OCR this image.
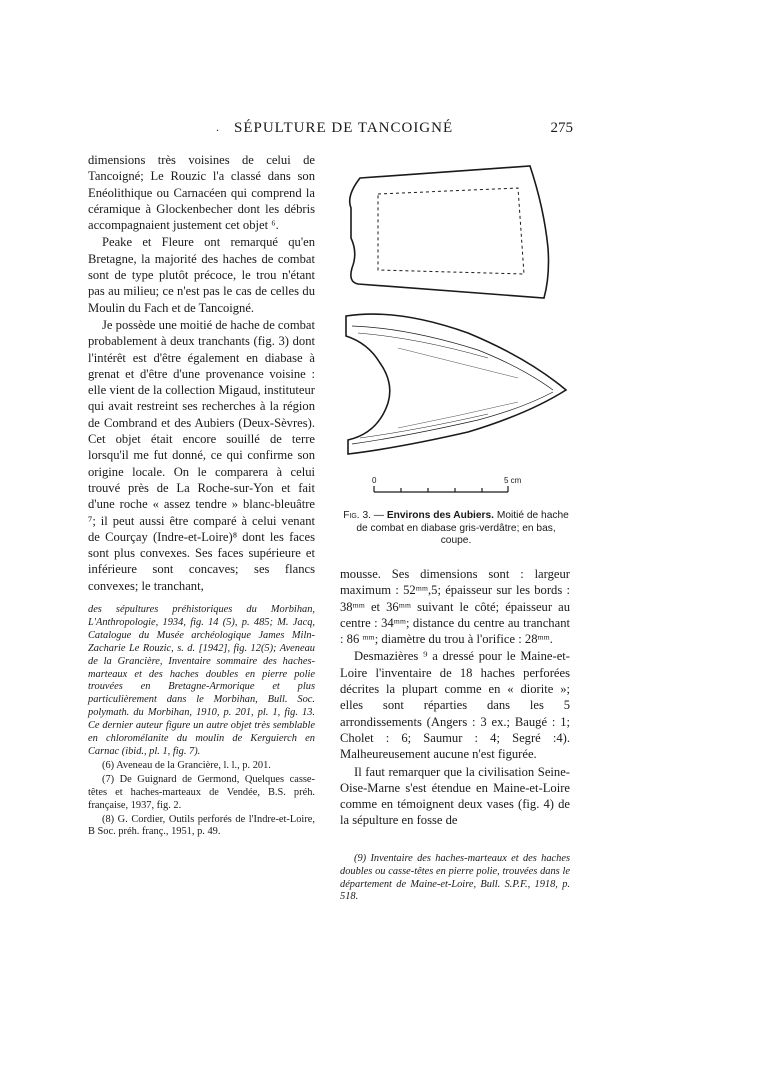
. SÉPULTURE DE TANCOIGNÉ	275

dimensions très voisines de celui de Tancoigné; Le Rouzic l'a classé dans son Enéolithique ou Carnacéen qui comprend la céramique à Glockenbecher dont les débris accompagnaient justement cet objet ⁶.

Peake et Fleure ont remarqué qu'en Bretagne, la majorité des haches de combat sont de type plutôt précoce, le trou n'étant pas au milieu; ce n'est pas le cas de celles du Moulin du Fach et de Tancoigné.

Je possède une moitié de hache de combat probablement à deux tranchants (fig. 3) dont l'intérêt est d'être également en diabase à grenat et d'être d'une provenance voisine : elle vient de la collection Migaud, instituteur qui avait restreint ses recherches à la région de Combrand et des Aubiers (Deux-Sèvres). Cet objet était encore souillé de terre lorsqu'il me fut donné, ce qui confirme son origine locale. On le comparera à celui trouvé près de La Roche-sur-Yon et fait d'une roche « assez tendre » blanc-bleuâtre ⁷; il peut aussi être comparé à celui venant de Courçay (Indre-et-Loire)⁸ dont les faces sont plus convexes. Ses faces supérieure et inférieure sont concaves; ses flancs convexes; le tranchant,

des sépultures préhistoriques du Morbihan, L'Anthropologie, 1934, fig. 14 (5), p. 485; M. Jacq, Catalogue du Musée archéologique James Miln-Zacharie Le Rouzic, s. d. [1942], fig. 12(5); Aveneau de la Grancière, Inventaire sommaire des haches-marteaux et des haches doubles en pierre polie trouvées en Bretagne-Armorique et plus particulièrement dans le Morbihan, Bull. Soc. polymath. du Morbihan, 1910, p. 201, pl. 1, fig. 13. Ce dernier auteur figure un autre objet très semblable en chloromélanite du moulin de Kerguierch en Carnac (ibid., pl. 1, fig. 7).

(6) Aveneau de la Grancière, l. l., p. 201.

(7) De Guignard de Germond, Quelques casse-têtes et haches-marteaux de Vendée, B.S. préh. française, 1937, fig. 2.

(8) G. Cordier, Outils perforés de l'Indre-et-Loire, B Soc. préh. franç., 1951, p. 49.

0	5 cm
Fig. 3. — Environs des Aubiers. Moitié de hache de combat en diabase gris-verdâtre; en bas, coupe.

mousse. Ses dimensions sont : largeur maximum : 52ᵐᵐ,5; épaisseur sur les bords : 38ᵐᵐ et 36ᵐᵐ suivant le côté; épaisseur au centre : 34ᵐᵐ; distance du centre au tranchant : 86 ᵐᵐ; diamètre du trou à l'orifice : 28ᵐᵐ.

Desmazières ⁹ a dressé pour le Maine-et-Loire l'inventaire de 18 haches perforées décrites la plupart comme en « diorite »; elles sont réparties dans les 5 arrondissements (Angers : 3 ex.; Baugé : 1; Cholet : 6; Saumur : 4; Segré :4). Malheureusement aucune n'est figurée.

Il faut remarquer que la civilisation Seine-Oise-Marne s'est étendue en Maine-et-Loire comme en témoignent deux vases (fig. 4) de la sépulture en fosse de

(9) Inventaire des haches-marteaux et des haches doubles ou casse-têtes en pierre polie, trouvées dans le département de Maine-et-Loire, Bull. S.P.F., 1918, p. 518.
